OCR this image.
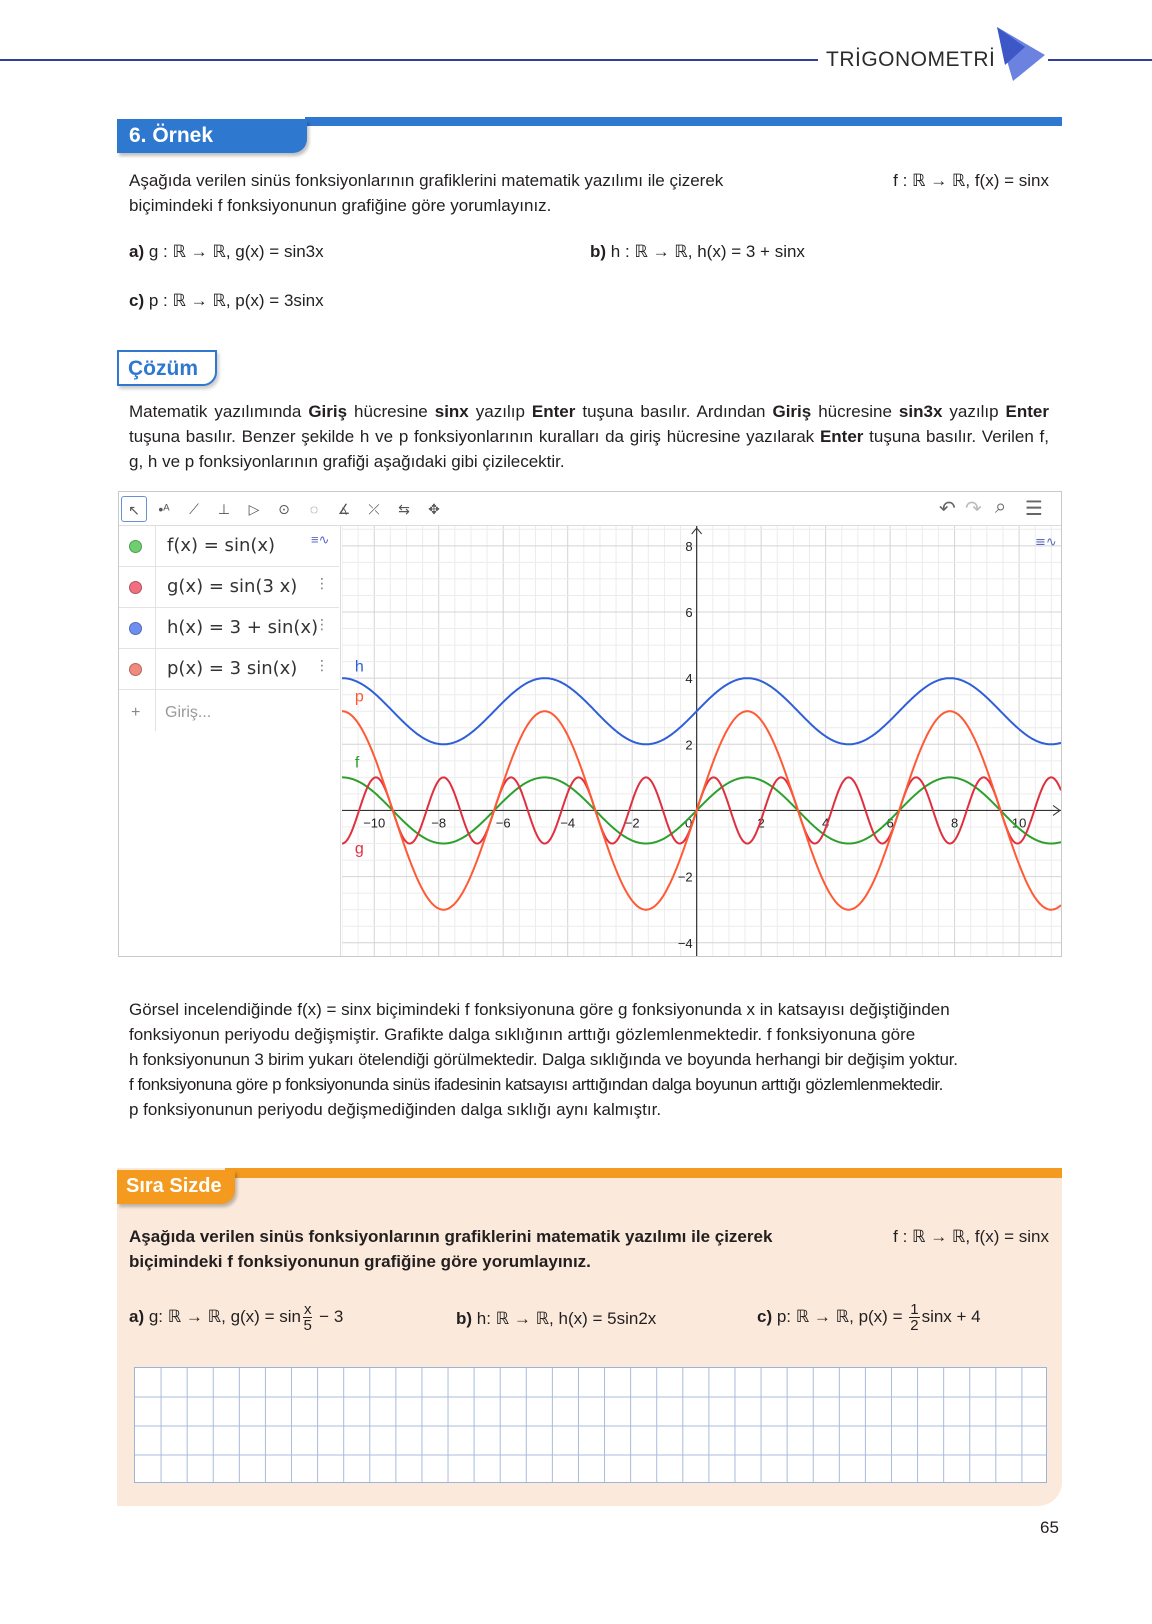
TRİGONOMETRİ
6. Örnek
Aşağıda verilen sinüs fonksiyonlarının grafiklerini matematik yazılımı ile çizerek	f : ℝ → ℝ, f(x) = sinx
biçimindeki f fonksiyonunun grafiğine göre yorumlayınız.
a) g : ℝ → ℝ, g(x) = sin3x	b) h : ℝ → ℝ, h(x) = 3 + sinx
c) p : ℝ → ℝ, p(x) = 3sinx
Çözüm
Matematik yazılımında Giriş hücresine sinx yazılıp Enter tuşuna basılır. Ardından Giriş hücresine sin3x yazılıp Enter tuşuna basılır. Benzer şekilde h ve p fonksiyonlarının kuralları da giriş hücresine yazılarak Enter tuşuna basılır. Verilen f, g, h ve p fonksiyonlarının grafiği aşağıdaki gibi çizilecektir.
↖	•ᴬ	⟋	⊥	▷	⊙	◌	∡	⤫	⇆	✥	↶ ↷ ⌕ ☰
f(x) = sin(x)	≡∿
g(x) = sin(3 x) ⋮
h(x) = 3 + sin(x)
⋮
p(x) = 3 sin(x) ⋮
+ Giriş...
−10	−8	−6	−4	−2	0	2	4	6	8	10
−4
−2
2
4
6
8
f
g
h
p
≡∿
Görsel incelendiğinde f(x) = sinx biçimindeki f fonksiyonuna göre g fonksiyonunda x in katsayısı değiştiğinden
fonksiyonun periyodu değişmiştir. Grafikte dalga sıklığının arttığı gözlemlenmektedir. f fonksiyonuna göre
h fonksiyonunun 3 birim yukarı ötelendiği görülmektedir. Dalga sıklığında ve boyunda herhangi bir değişim yoktur.
f fonksiyonuna göre p fonksiyonunda sinüs ifadesinin katsayısı arttığından dalga boyunun arttığı gözlemlenmektedir.
p fonksiyonunun periyodu değişmediğinden dalga sıklığı aynı kalmıştır.
Sıra Sizde
Aşağıda verilen sinüs fonksiyonlarının grafiklerini matematik yazılımı ile çizerek	f : ℝ → ℝ, f(x) = sinx
biçimindeki f fonksiyonunun grafiğine göre yorumlayınız.
a) g: ℝ → ℝ, $g(x) = \sin \frac{x}{5} - 3$	b) h: ℝ → ℝ, h(x) = 5sin2x	c) p: ℝ → ℝ, $p(x) = \frac{1}{2}$ sinx + 4
65
